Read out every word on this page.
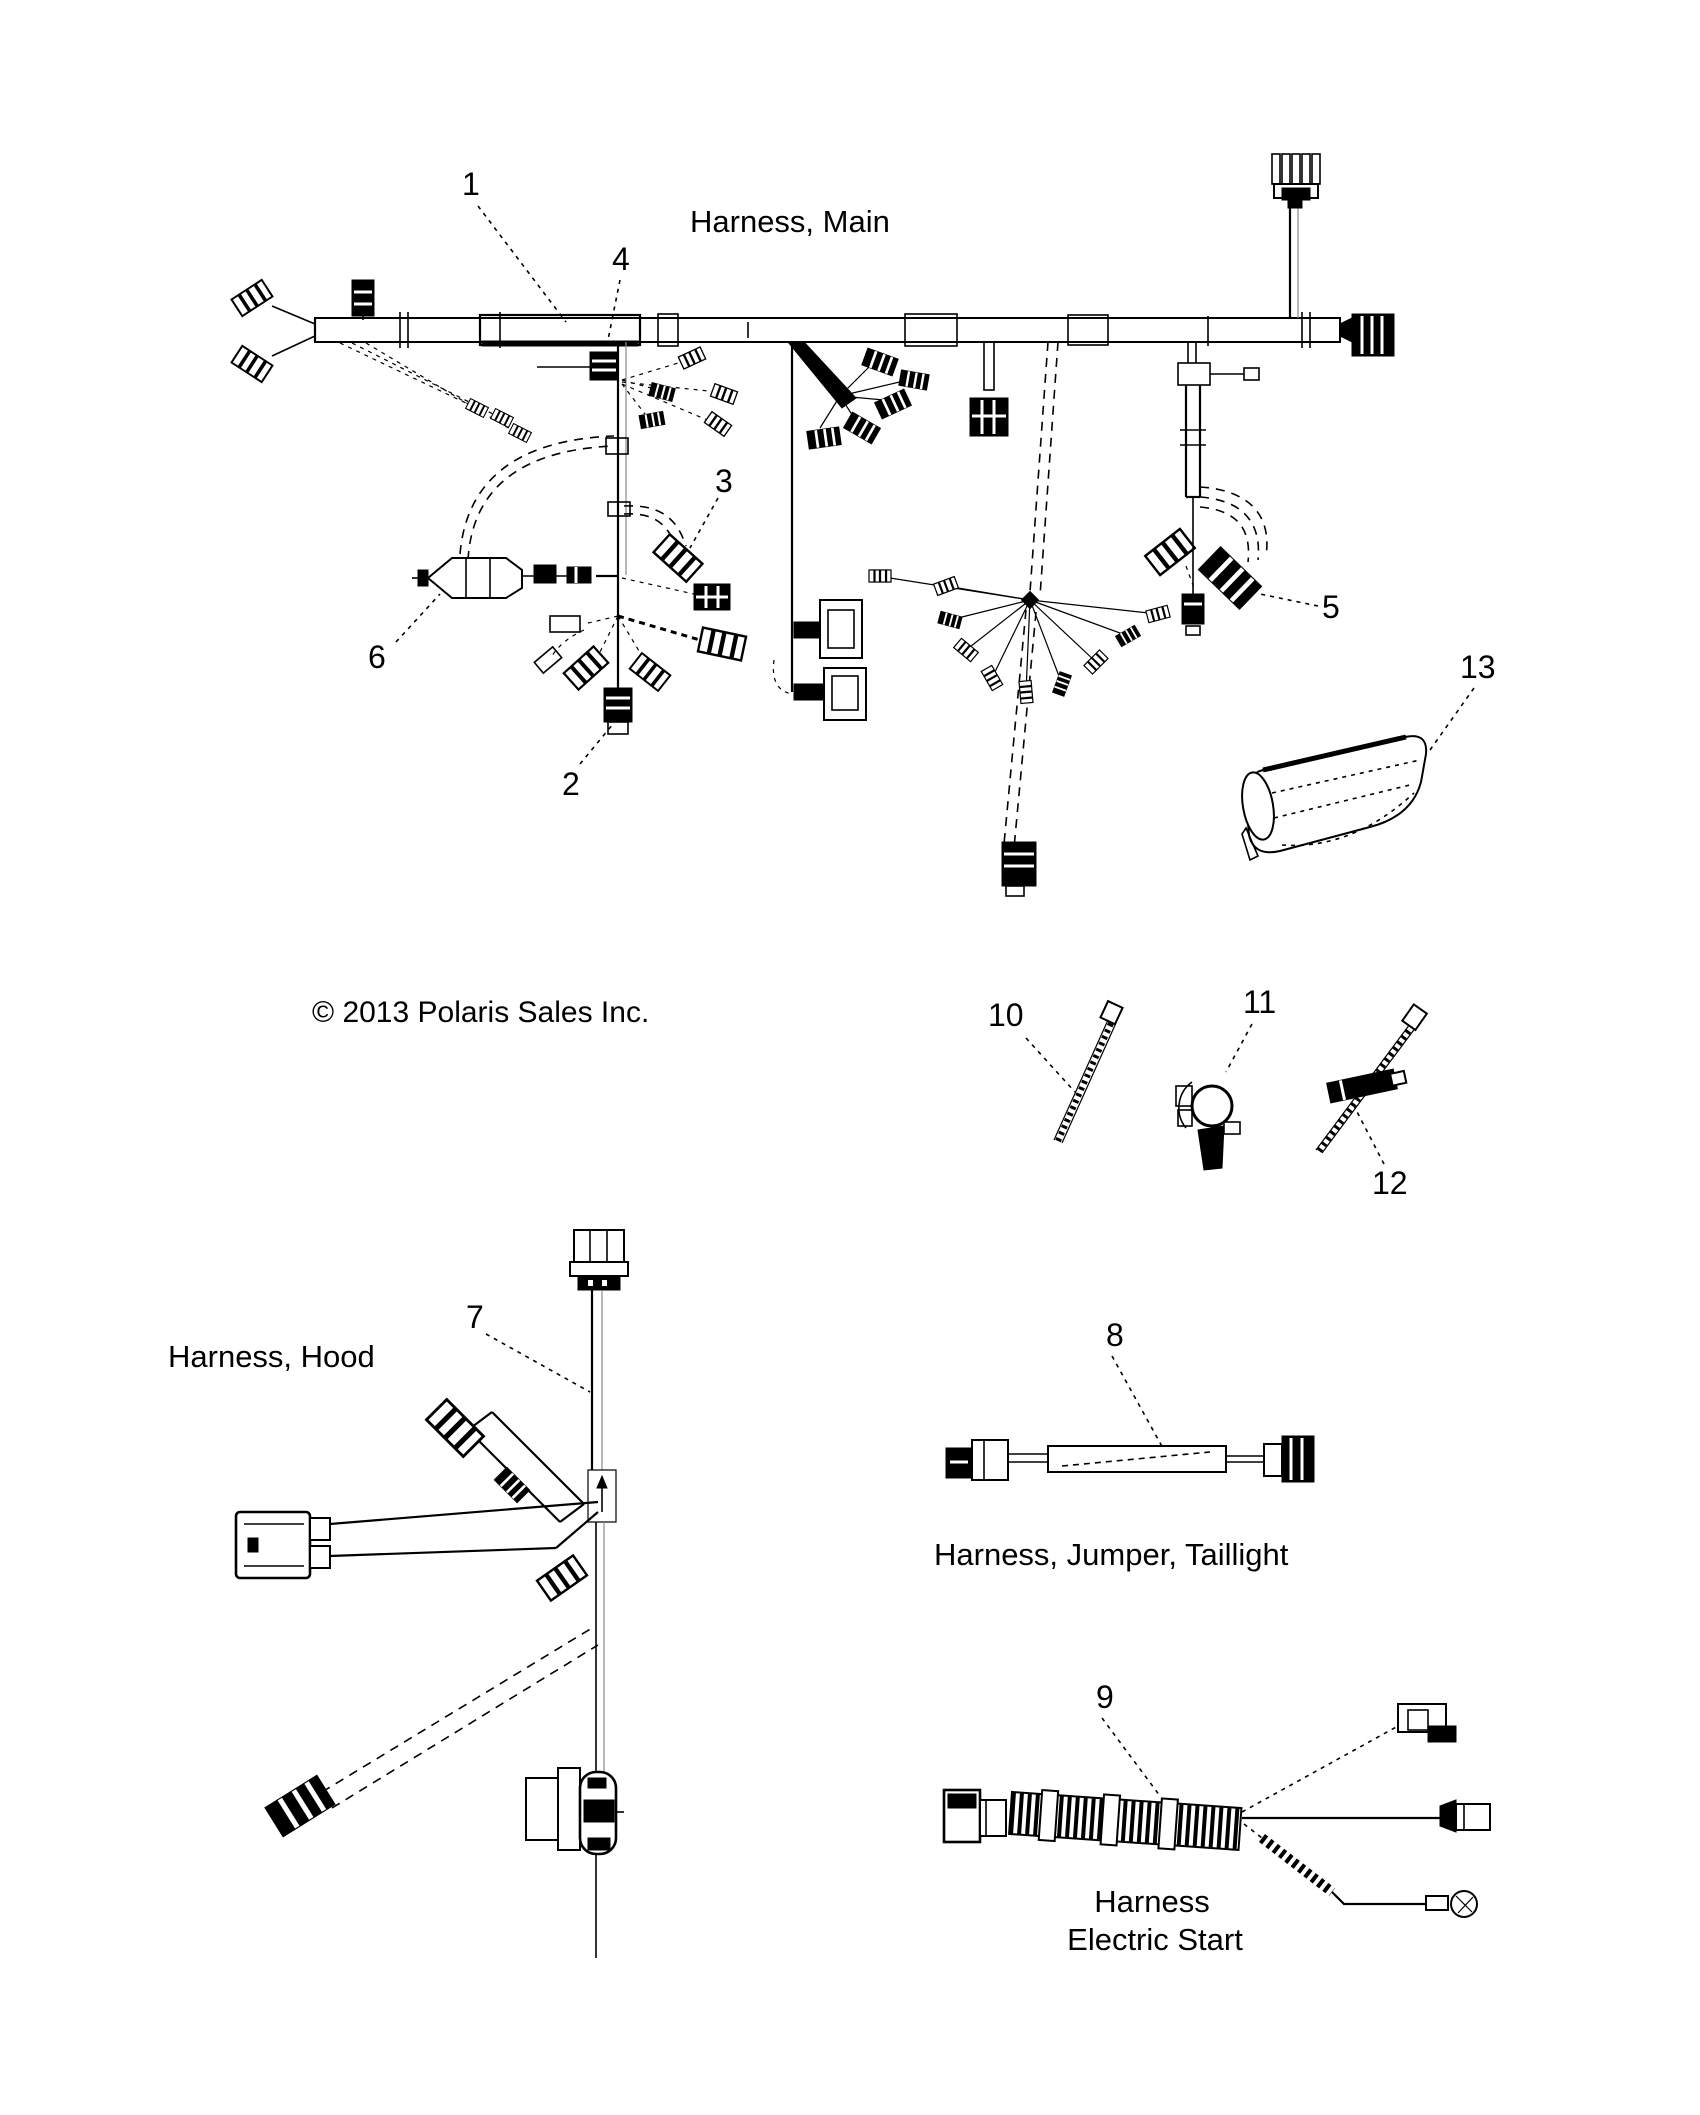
1
2
3
4
5
6
7	8
9
10	11
12
13
Harness, Main
Harness, Hood
Harness, Jumper, Taillight
Harness
Electric Start
© 2013 Polaris Sales Inc.
